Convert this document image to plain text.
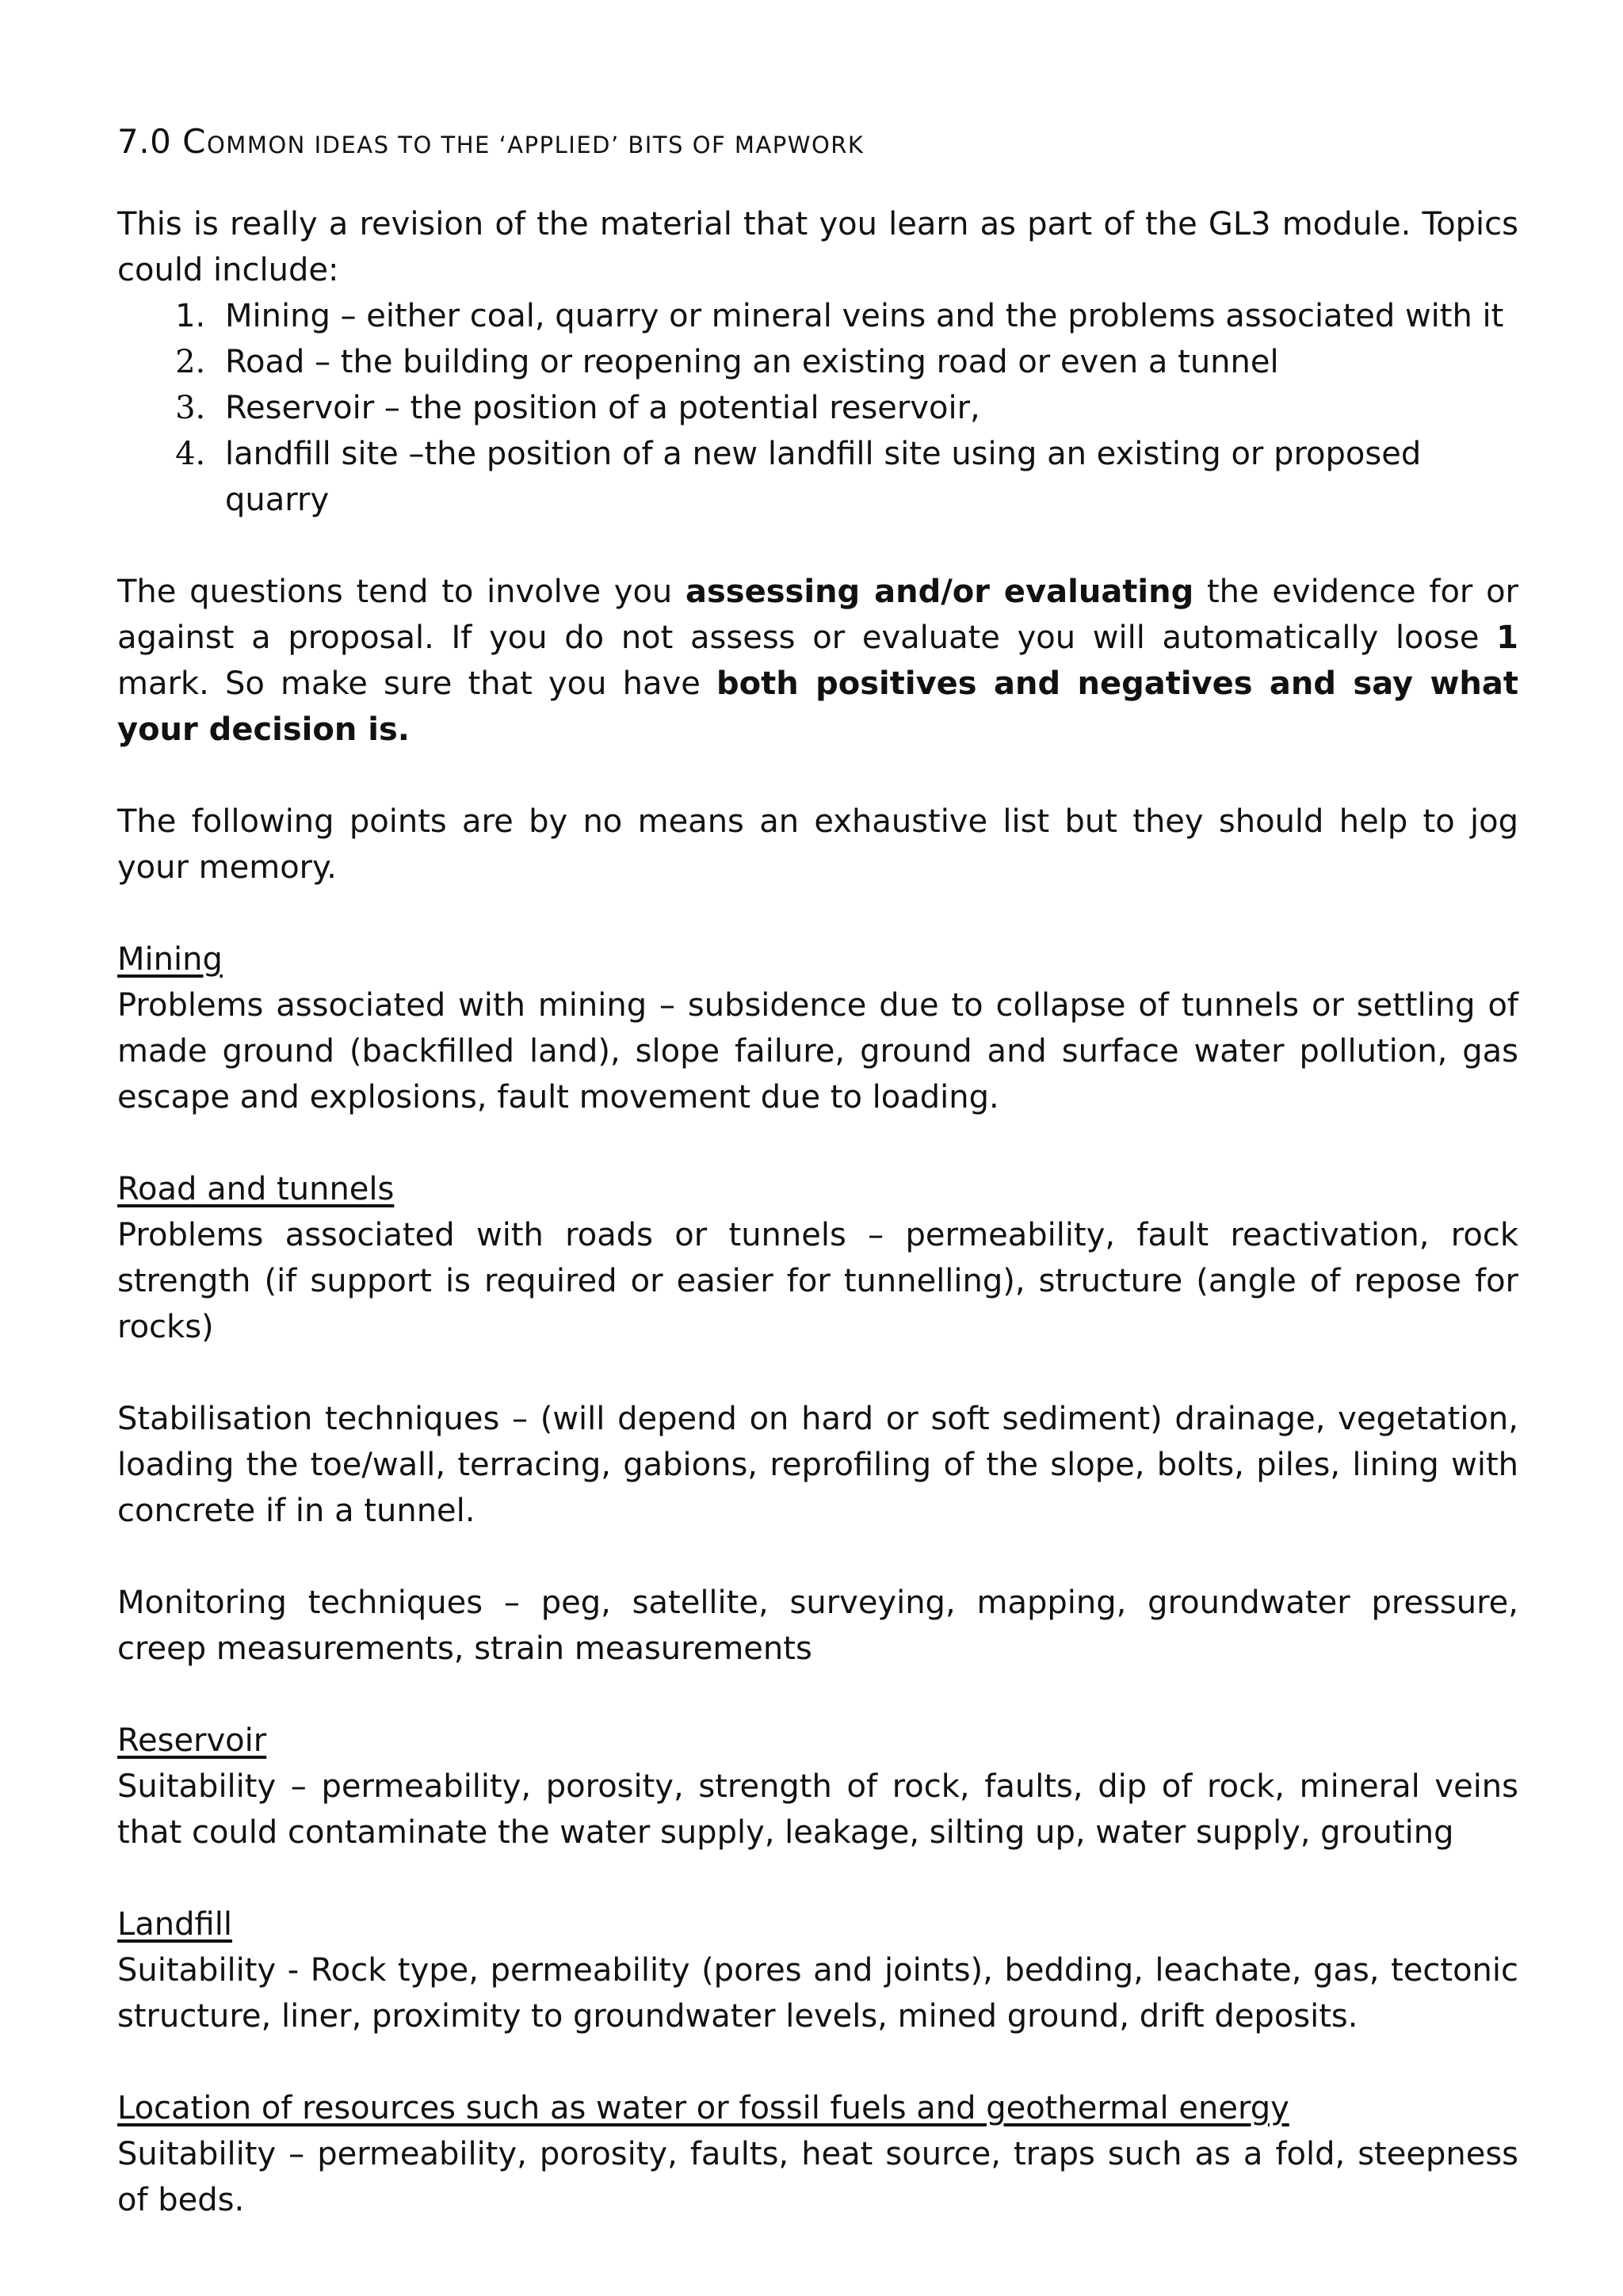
7.0 COMMON IDEAS TO THE ‘APPLIED’ BITS OF MAPWORK

This is really a revision of the material that you learn as part of the GL3 module. Topics could include:

1. Mining – either coal, quarry or mineral veins and the problems associated with it
2. Road – the building or reopening an existing road or even a tunnel
3. Reservoir – the position of a potential reservoir,
4. landfill site –the position of a new landfill site using an existing or proposed quarry

The questions tend to involve you assessing and/or evaluating the evidence for or against a proposal. If you do not assess or evaluate you will automatically loose 1 mark. So make sure that you have both positives and negatives and say what your decision is.

The following points are by no means an exhaustive list but they should help to jog your memory.

Mining

Problems associated with mining – subsidence due to collapse of tunnels or settling of made ground (backfilled land), slope failure, ground and surface water pollution, gas escape and explosions, fault movement due to loading.

Road and tunnels

Problems associated with roads or tunnels – permeability, fault reactivation, rock strength (if support is required or easier for tunnelling), structure (angle of repose for rocks)

Stabilisation techniques – (will depend on hard or soft sediment) drainage, vegetation, loading the toe/wall, terracing, gabions, reprofiling of the slope, bolts, piles, lining with concrete if in a tunnel.

Monitoring techniques – peg, satellite, surveying, mapping, groundwater pressure, creep measurements, strain measurements

Reservoir

Suitability – permeability, porosity, strength of rock, faults, dip of rock, mineral veins that could contaminate the water supply, leakage, silting up, water supply, grouting

Landfill

Suitability - Rock type, permeability (pores and joints), bedding, leachate, gas, tectonic structure, liner, proximity to groundwater levels, mined ground, drift deposits.

Location of resources such as water or fossil fuels and geothermal energy

Suitability – permeability, porosity, faults, heat source, traps such as a fold, steepness of beds.
